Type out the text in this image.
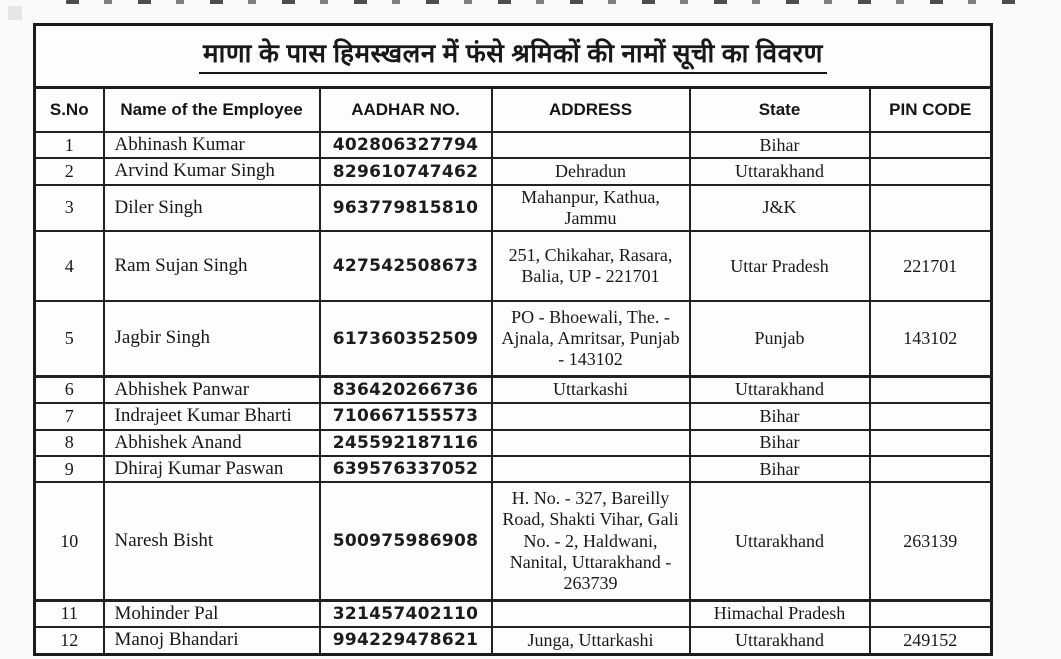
माणा के पास हिमस्खलन में फंसे श्रमिकों की नामों सूची का विवरण					
S.No	Name of the Employee	AADHAR NO.	ADDRESS	State	PIN CODE
1	Abhinash Kumar	402806327794		Bihar	
2	Arvind Kumar Singh	829610747462	Dehradun	Uttarakhand	
3	Diler Singh	963779815810	Mahanpur, Kathua, Jammu	J&K	
4	Ram Sujan Singh	427542508673	251, Chikahar, Rasara, Balia, UP - 221701	Uttar Pradesh	221701
5	Jagbir Singh	617360352509	PO - Bhoewali, The. - Ajnala, Amritsar, Punjab - 143102	Punjab	143102
6	Abhishek Panwar	836420266736	Uttarkashi	Uttarakhand	
7	Indrajeet Kumar Bharti	710667155573		Bihar	
8	Abhishek Anand	245592187116		Bihar	
9	Dhiraj Kumar Paswan	639576337052		Bihar	
10	Naresh Bisht	500975986908	H. No. - 327, Bareilly Road, Shakti Vihar, Gali No. - 2, Haldwani, Nanital, Uttarakhand - 263739	Uttarakhand	263139
11	Mohinder Pal	321457402110		Himachal Pradesh	
12	Manoj Bhandari	994229478621	Junga, Uttarkashi	Uttarakhand	249152
